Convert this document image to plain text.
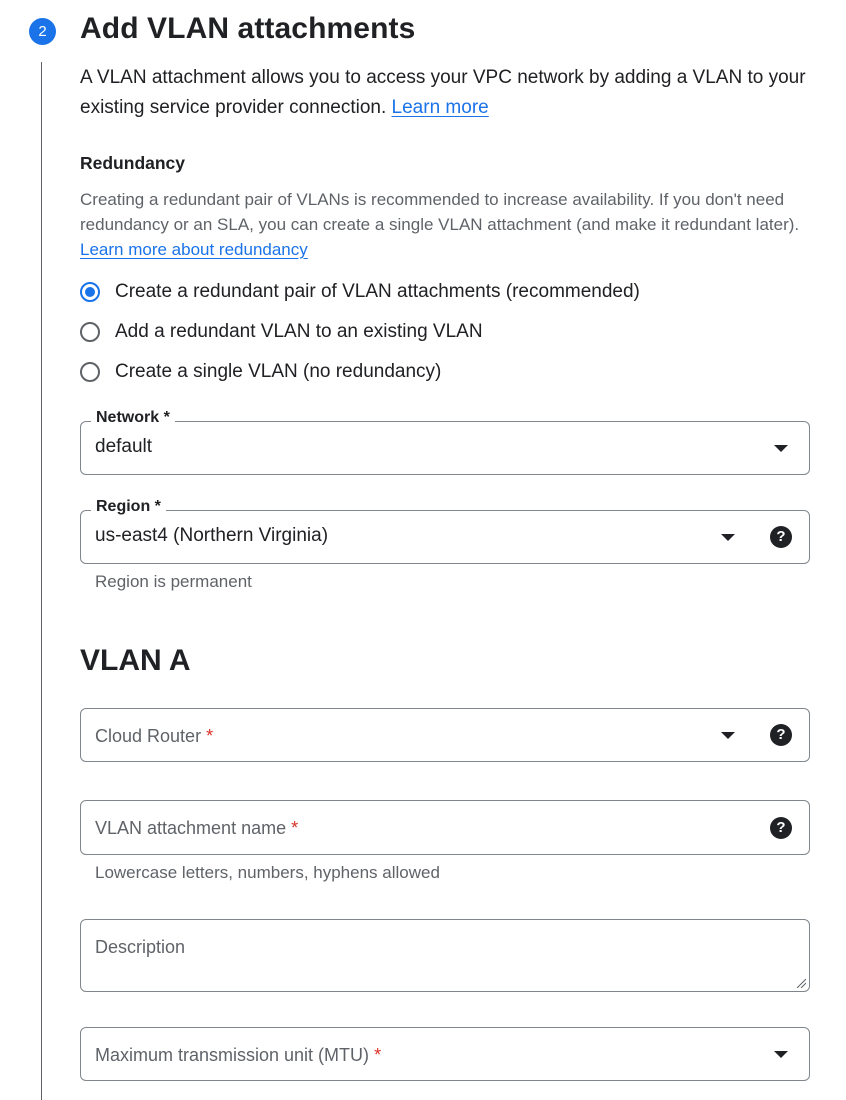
2	Add VLAN attachments

A VLAN attachment allows you to access your VPC network by adding a VLAN to your existing service provider connection. Learn more

Redundancy

Creating a redundant pair of VLANs is recommended to increase availability. If you don't need redundancy or an SLA, you can create a single VLAN attachment (and make it redundant later). Learn more about redundancy

Create a redundant pair of VLAN attachments (recommended)
Add a redundant VLAN to an existing VLAN
Create a single VLAN (no redundancy)
Network *
default
Region *
us-east4 (Northern Virginia)	?
Region is permanent
VLAN A
Cloud Router *	?
VLAN attachment name *	?
Lowercase letters, numbers, hyphens allowed
Description
Maximum transmission unit (MTU) *
